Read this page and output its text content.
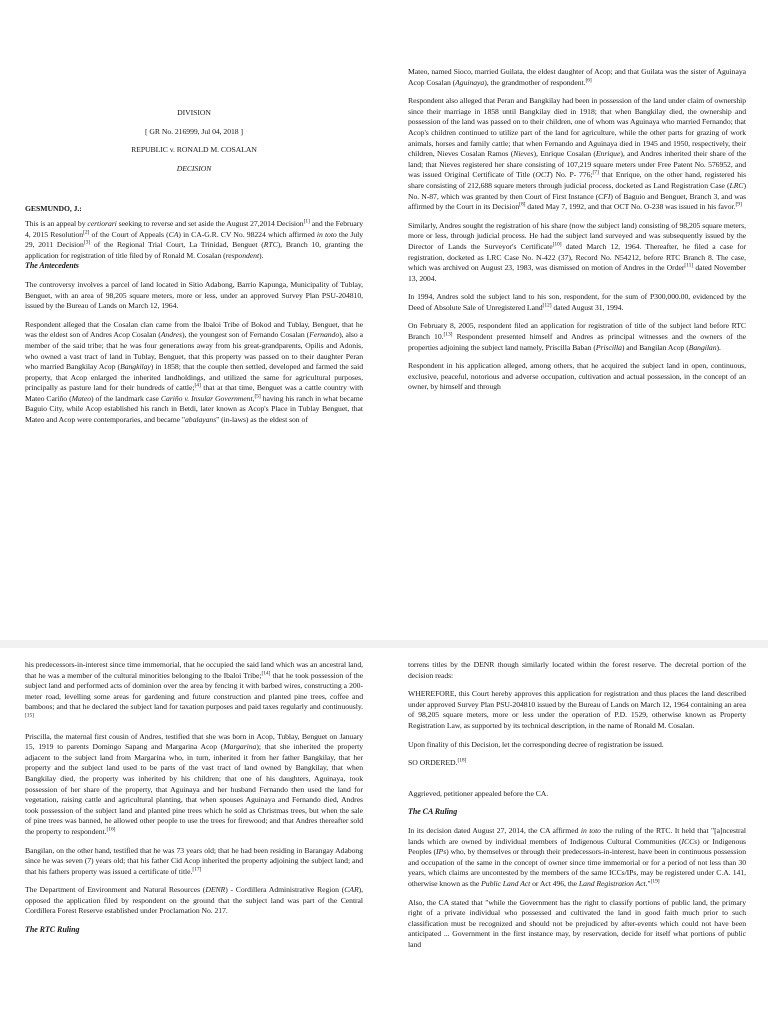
DIVISION

[ GR No. 216999, Jul 04, 2018 ]

REPUBLIC v. RONALD M. COSALAN

DECISION

GESMUNDO, J.:

This is an appeal by certiorari seeking to reverse and set aside the August 27,2014 Decision[1] and the February 4, 2015 Resolution[2] of the Court of Appeals (CA) in CA-G.R. CV No. 98224 which affirmed in toto the July 29, 2011 Decision[3] of the Regional Trial Court, La Trinidad, Benguet (RTC), Branch 10, granting the application for registration of title filed by of Ronald M. Cosalan (respondent).

The Antecedents

The controversy involves a parcel of land located in Sitio Adabong, Barrio Kapunga, Municipality of Tublay, Benguet, with an area of 98,205 square meters, more or less, under an approved Survey Plan PSU-204810, issued by the Bureau of Lands on March 12, 1964.

Respondent alleged that the Cosalan clan came from the Ibaloi Tribe of Bokod and Tublay, Benguet, that he was the eldest son of Andres Acop Cosalan (Andres), the youngest son of Fernando Cosalan (Fernando), also a member of the said tribe; that he was four generations away from his great-grandparents, Opilis and Adonis, who owned a vast tract of land in Tublay, Benguet, that this property was passed on to their daughter Peran who married Bangkilay Acop (Bangkilay) in 1858; that the couple then settled, developed and farmed the said property, that Acop enlarged the inherited landholdings, and utilized the same for agricultural purposes, principally as pasture land for their hundreds of cattle;[4] that at that time, Benguet was a cattle country with Mateo Cariño (Mateo) of the landmark case Cariño v. Insular Government,[5] having his ranch in what became Baguio City, while Acop established his ranch in Betdi, later known as Acop's Place in Tublay Benguet, that Mateo and Acop were contemporaries, and became "abalayans" (in-laws) as the eldest son of

Mateo, named Sioco, married Guilata, the eldest daughter of Acop; and that Guilata was the sister of Aguinaya Acop Cosalan (Aguinaya), the grandmother of respondent.[6]

Respondent also alleged that Peran and Bangkilay had been in possession of the land under claim of ownership since their marriage in 1858 until Bangkilay died in 1918; that when Bangkilay died, the ownership and possession of the land was passed on to their children, one of whom was Aguinaya who married Fernando; that Acop's children continued to utilize part of the land for agriculture, while the other parts for grazing of work animals, horses and family cattle; that when Fernando and Aguinaya died in 1945 and 1950, respectively, their children, Nieves Cosalan Ramos (Nieves), Enrique Cosalan (Enrique), and Andres inherited their share of the land; that Nieves registered her share consisting of 107,219 square meters under Free Patent No. 576952, and was issued Original Certificate of Title (OCT) No. P- 776;[7] that Enrique, on the other hand, registered his share consisting of 212,688 square meters through judicial process, docketed as Land Registration Case (LRC) No. N-87, which was granted by then Court of First Instance (CFI) of Baguio and Benguet, Branch 3, and was affirmed by the Court in its Decision[8] dated May 7, 1992, and that OCT No. O-238 was issued in his favor.[9]

Similarly, Andres sought the registration of his share (now the subject land) consisting of 98,205 square meters, more or less, through judicial process. He had the subject land surveyed and was subsequently issued by the Director of Lands the Surveyor's Certificate[10] dated March 12, 1964. Thereafter, he filed a case for registration, docketed as LRC Case No. N-422 (37), Record No. N54212, before RTC Branch 8. The case, which was archived on August 23, 1983, was dismissed on motion of Andres in the Order[11] dated November 13, 2004.

In 1994, Andres sold the subject land to his son, respondent, for the sum of P300,000.00, evidenced by the Deed of Absolute Sale of Unregistered Land[12] dated August 31, 1994.

On February 8, 2005, respondent filed an application for registration of title of the subject land before RTC Branch 10.[13] Respondent presented himself and Andres as principal witnesses and the owners of the properties adjoining the subject land namely, Priscilla Baban (Priscilla) and Bangilan Acop (Bangilan).

Respondent in his application alleged, among others, that he acquired the subject land in open, continuous, exclusive, peaceful, notorious and adverse occupation, cultivation and actual possession, in the concept of an owner, by himself and through

his predecessors-in-interest since time immemorial, that he occupied the said land which was an ancestral land, that he was a member of the cultural minorities belonging to the Ibaloi Tribe;[14] that he took possession of the subject land and performed acts of dominion over the area by fencing it with barbed wires, constructing a 200-meter road, levelling some areas for gardening and future construction and planted pine trees, coffee and bamboos; and that he declared the subject land for taxation purposes and paid taxes regularly and continuously.[15]

Priscilla, the maternal first cousin of Andres, testified that she was born in Acop, Tublay, Benguet on January 15, 1919 to parents Domingo Sapang and Margarina Acop (Margarina); that she inherited the property adjacent to the subject land from Margarina who, in turn, inherited it from her father Bangkilay, that her property and the subject land used to be parts of the vast tract of land owned by Bangkilay, that when Bangkilay died, the property was inherited by his children; that one of his daughters, Aguinaya, took possession of her share of the property, that Aguinaya and her husband Fernando then used the land for vegetation, raising cattle and agricultural planting, that when spouses Aguinaya and Fernando died, Andres took possession of the subject land and planted pine trees which he sold as Christmas trees, but when the sale of pine trees was banned, he allowed other people to use the trees for firewood; and that Andres thereafter sold the property to respondent.[16]

Bangilan, on the other hand, testified that he was 73 years old; that he had been residing in Barangay Adabong since he was seven (7) years old; that his father Cid Acop inherited the property adjoining the subject land; and that his fathers property was issued a certificate of title.[17]

The Department of Environment and Natural Resources (DENR) - Cordillera Administrative Region (CAR), opposed the application filed by respondent on the ground that the subject land was part of the Central Cordillera Forest Reserve established under Proclamation No. 217.

The RTC Ruling

torrens titles by the DENR though similarly located within the forest reserve. The decretal portion of the decision reads:

WHEREFORE, this Court hereby approves this application for registration and thus places the land described under approved Survey Plan PSU-204810 issued by the Bureau of Lands on March 12, 1964 containing an area of 98,205 square meters, more or less under the operation of P.D. 1529, otherwise known as Property Registration Law, as supported by its technical description, in the name of Ronald M. Cosalan.

Upon finality of this Decision, let the corresponding decree of registration be issued.

SO ORDERED.[18]

Aggrieved, petitioner appealed before the CA.

The CA Ruling

In its decision dated August 27, 2014, the CA affirmed in toto the ruling of the RTC. It held that "[a]ncestral lands which are owned by individual members of Indigenous Cultural Communities (ICCs) or Indigenous Peoples (IPs) who, by themselves or through their predecessors-in-interest, have been in continuous possession and occupation of the same in the concept of owner since time immemorial or for a period of not less than 30 years, which claims are uncontested by the members of the same ICCs/IPs, may be registered under C.A. 141, otherwise known as the Public Land Act or Act 496, the Land Registration Act."[19]

Also, the CA stated that "while the Government has the right to classify portions of public land, the primary right of a private individual who possessed and cultivated the land in good faith much prior to such classification must be recognized and should not be prejudiced by after-events which could not have been anticipated ... Government in the first instance may, by reservation, decide for itself what portions of public land
